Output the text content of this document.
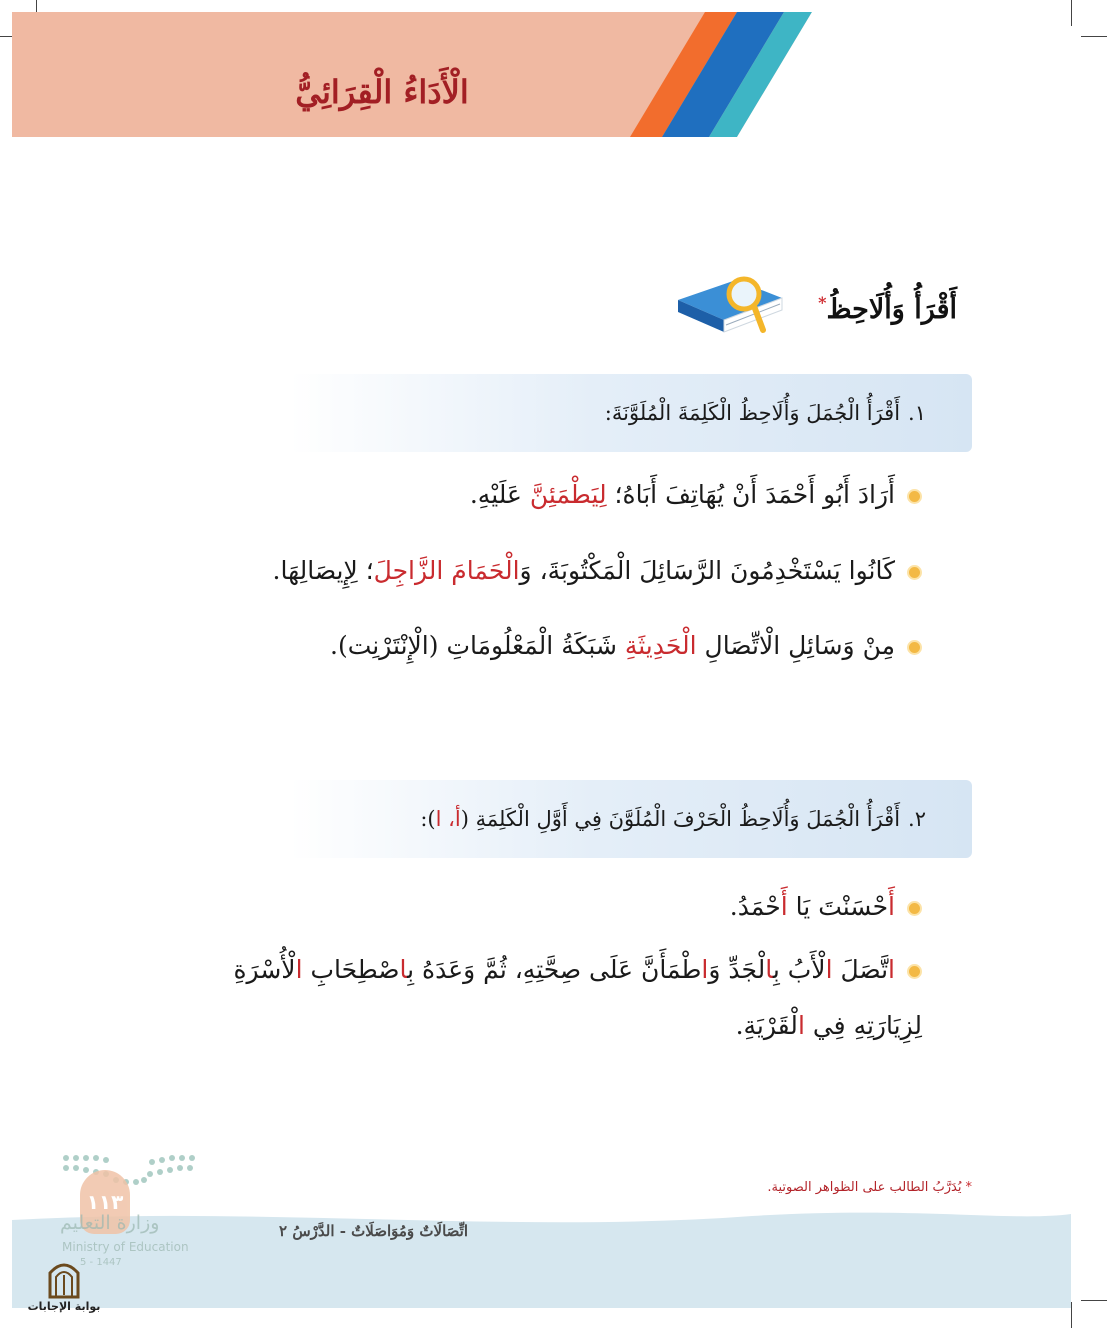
الْأَدَاءُ الْقِرَائِيُّ
أَقْرَأُ وَأُلَاحِظُ*
١.أَقْرَأُ الْجُمَلَ وَأُلَاحِظُ الْكَلِمَةَ الْمُلَوَّنَةَ:
أَرَادَ أَبُو أَحْمَدَ أَنْ يُهَاتِفَ أَبَاهُ؛ لِيَطْمَئِنَّ عَلَيْهِ.
كَانُوا يَسْتَخْدِمُونَ الرَّسَائِلَ الْمَكْتُوبَةَ، وَالْحَمَامَ الزَّاجِلَ؛ لِإِيصَالِهَا.
مِنْ وَسَائِلِ الْاتِّصَالِ الْحَدِيثَةِ شَبَكَةُ الْمَعْلُومَاتِ (الْإِنْتَرْنِت).
٢.أَقْرَأُ الْجُمَلَ وَأُلَاحِظُ الْحَرْفَ الْمُلَوَّنَ فِي أَوَّلِ الْكَلِمَةِ (أ، ا):
أَحْسَنْتَ يَا أَحْمَدُ.
اتَّصَلَ الْأَبُ بِالْجَدِّ وَاطْمَأَنَّ عَلَى صِحَّتِهِ، ثُمَّ وَعَدَهُ بِاصْطِحَابِ الْأُسْرَةِ لِزِيَارَتِهِ فِي الْقَرْيَةِ.
*يُدَرَّبُ الطالب على الظواهر الصوتية.
اتِّصَالَاتٌ وَمُوَاصَلَاتٌ - الدَّرْسُ ٢
١١٣
وزارة التعليم
Ministry of Education
5 - 1447
بوابة الإجابات
